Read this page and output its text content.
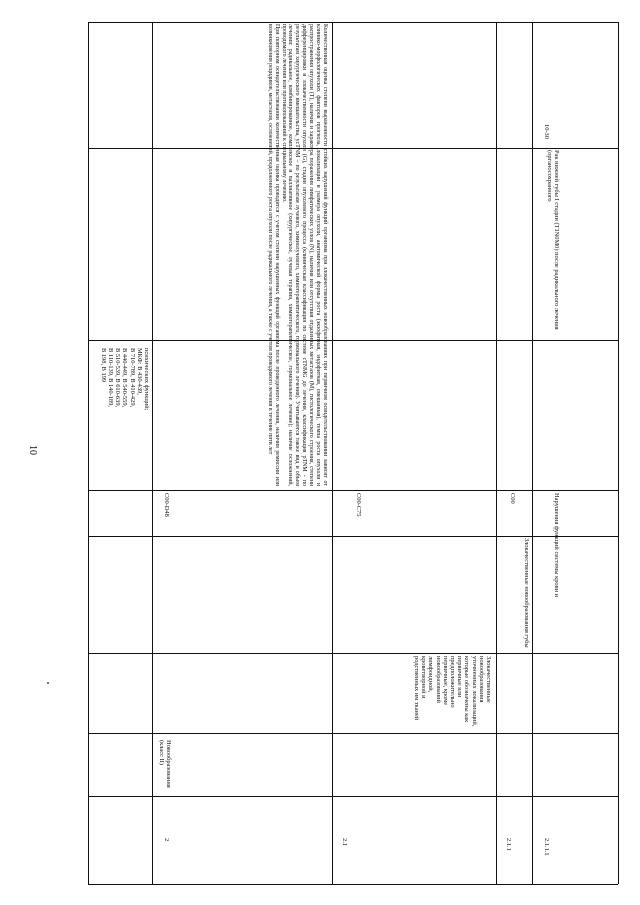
10
психических функций;
МКФ: В 430-439,
В 710-789, В 410-429,
В 440-449, В 540-559,
В 510-539, В 610-639,
В 110-139, В 140-189,
В 198, В 199
2
Новообразования
(класс II)
С00-D48
Количественная оценка степени выраженности стойких нарушений функций организма при злокачественных новообразованиях при первичном освидетельствовании зависит от клинико-морфологических факторов прогноза, локализации и размера опухоли, анатомической формы роста (экзофитная, эндофитная, смешанная), темпа роста опухоли и распространения опухоли (T), наличия и характера поражения лимфатических узлов (N), наличия или отсутствия отдаленных метастазов (M), гистологического строения, степени дифференцировки и злокачественности опухоли (G), стадии опухолевого процесса (клиническая классификация по системе cTNMG до лечения, классификация pTNM - по результатам хирургического вмешательства, ycTNM – по результатам лучевого, химиолучевого, химиотерапевтического, гормонального лечения). Учитываются также вид и объем лечения: радикальное, комбинированное, комплексное и паллиативное (хирургическое, лучевая терапия, химиотерапевтическое, гормональное лечение); наличие осложнений, проводимого лечения или противопоказаний к специальному лечению.
При повторном освидетельствовании количественная оценка проводится с учетом степени нарушенных функций организма после проведенного лечения, наличия ремиссии или возникновения рецидивов, метастазов, осложнений, продолженного роста опухоли после радикального лечения, а также с учетом проводимого лечения в течение пяти лет
2.1
Злокачественные новообразования уточненных локализаций, которые обозначены как первичные или предположительно первичные, кроме новообразований лимфоидной, кроветворной и родственных им тканей
С00-С75
2.1.1
Злокачественные новообразования губы
С00
2.1.1.1
Нарушения функций системы крови и
Рак нижней губы I стадии (T1N0M0) после радикального лечения (органосохранного
10-30
